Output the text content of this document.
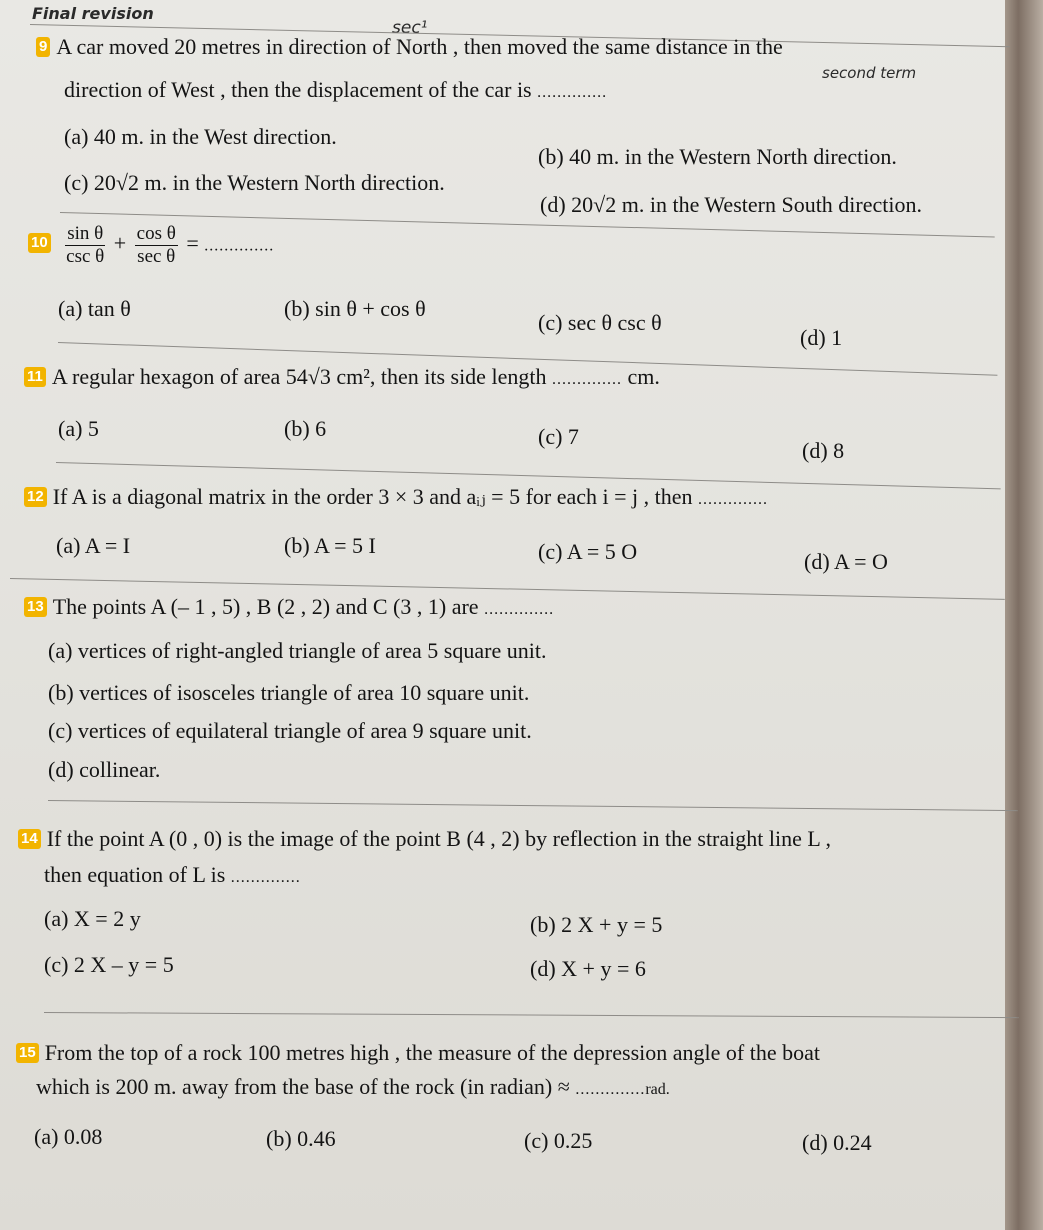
Final revision
sec¹
second term
9 A car moved 20 metres in direction of North , then moved the same distance in the
direction of West , then the displacement of the car is ..............
(a) 40 m. in the West direction.
(b) 40 m. in the Western North direction.
(c) 20√2 m. in the Western North direction.
(d) 20√2 m. in the Western South direction.
$10 \frac{\text{sin θ}}{\text{csc θ}} + \frac{\text{cos θ}}{\text{sec θ}}$ = ..............
(a) tan θ	(b) sin θ + cos θ
(c) sec θ csc θ
(d) 1
11 A regular hexagon of area 54√3 cm², then its side length .............. cm.
(a) 5	(b) 6	(c) 7
(d) 8
12 If A is a diagonal matrix in the order 3 × 3 and aᵢⱼ = 5 for each i = j , then ..............
(a) A = I	(b) A = 5 I	(c) A = 5 O	(d) A = O
13 The points A (– 1 , 5) , B (2 , 2) and C (3 , 1) are ..............
(a) vertices of right-angled triangle of area 5 square unit.
(b) vertices of isosceles triangle of area 10 square unit.
(c) vertices of equilateral triangle of area 9 square unit.
(d) collinear.
14 If the point A (0 , 0) is the image of the point B (4 , 2) by reflection in the straight line L ,
then equation of L is ..............
(a) X = 2 y	(b) 2 X + y = 5
(c) 2 X – y = 5	(d) X + y = 6
15 From the top of a rock 100 metres high , the measure of the depression angle of the boat
which is 200 m. away from the base of the rock (in radian) ≈ ..............rad.
(a) 0.08	(b) 0.46	(c) 0.25	(d) 0.24
